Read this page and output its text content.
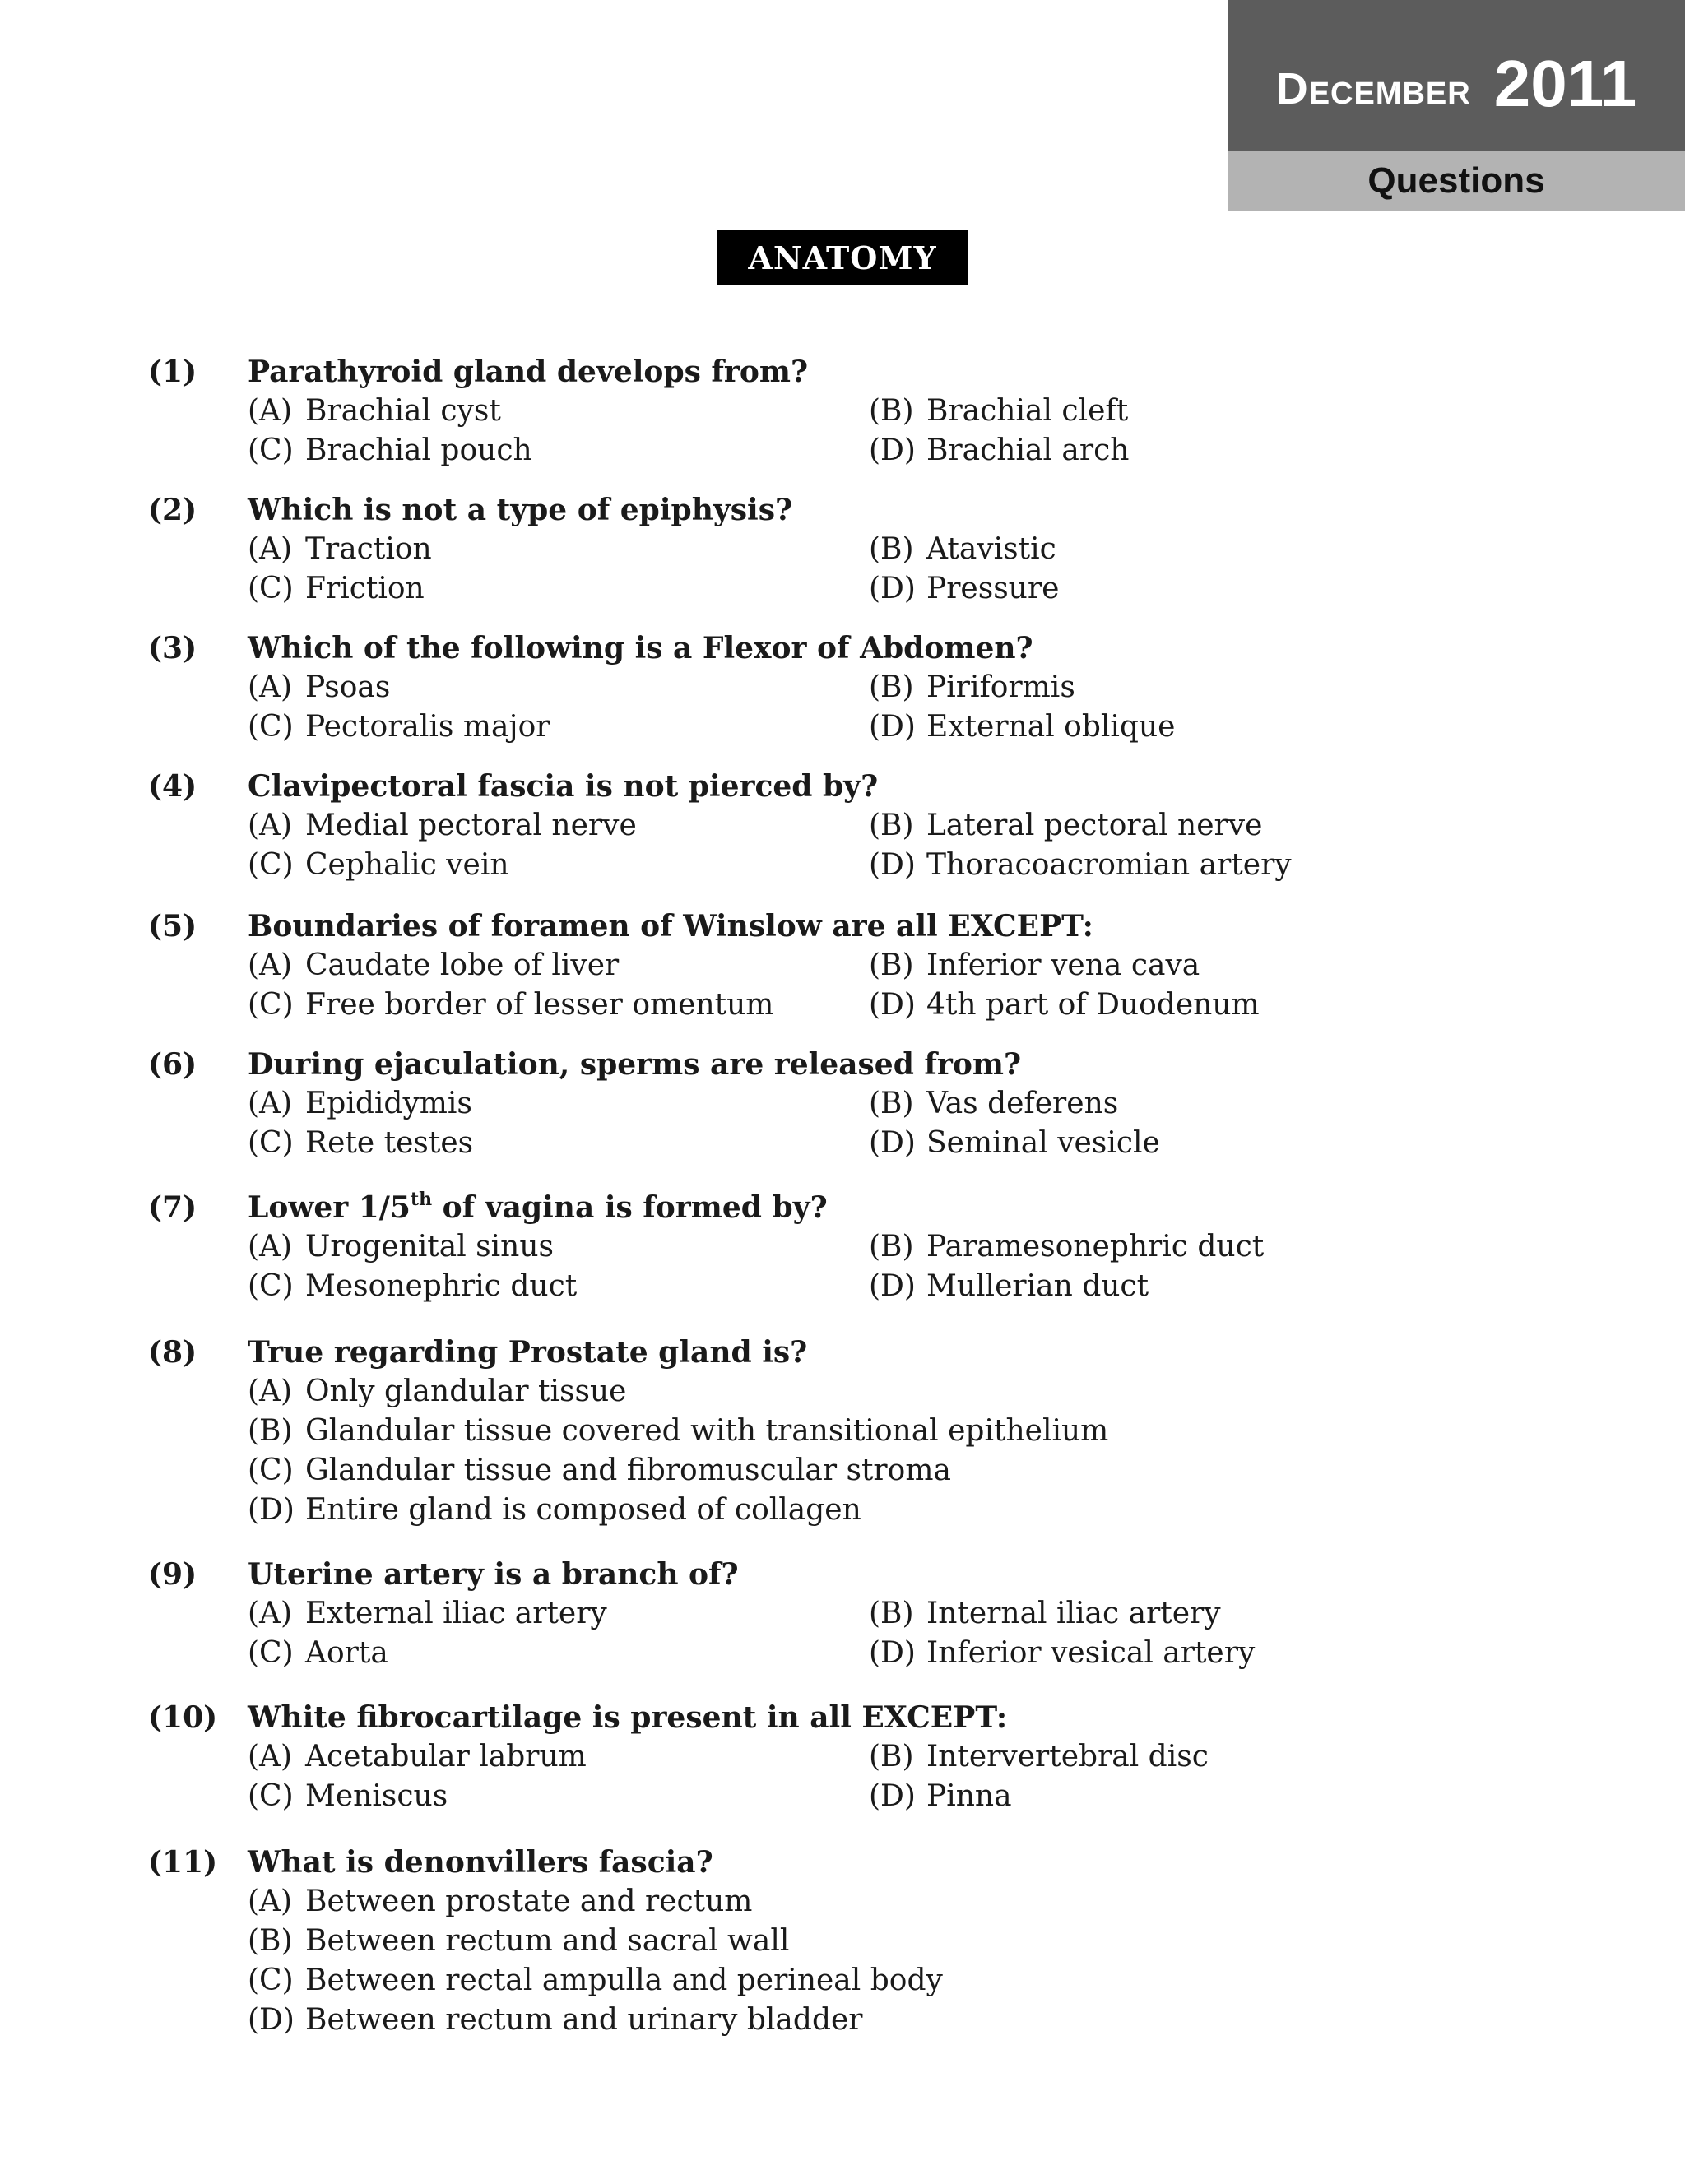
December 2011
Questions
ANATOMY
(1) Parathyroid gland develops from?
(A) Brachial cyst	(B) Brachial cleft
(C) Brachial pouch	(D) Brachial arch
(2) Which is not a type of epiphysis?
(A) Traction	(B) Atavistic
(C) Friction	(D) Pressure
(3) Which of the following is a Flexor of Abdomen?
(A) Psoas	(B) Piriformis
(C) Pectoralis major	(D) External oblique
(4) Clavipectoral fascia is not pierced by?
(A) Medial pectoral nerve	(B) Lateral pectoral nerve
(C) Cephalic vein	(D) Thoracoacromian artery
(5) Boundaries of foramen of Winslow are all EXCEPT:
(A) Caudate lobe of liver	(B) Inferior vena cava
(C) Free border of lesser omentum	(D) 4th part of Duodenum
(6) During ejaculation, sperms are released from?
(A) Epididymis	(B) Vas deferens
(C) Rete testes	(D) Seminal vesicle
(7) Lower 1/5th of vagina is formed by?
(A) Urogenital sinus	(B) Paramesonephric duct
(C) Mesonephric duct	(D) Mullerian duct
(8) True regarding Prostate gland is?
(A) Only glandular tissue
(B) Glandular tissue covered with transitional epithelium
(C) Glandular tissue and fibromuscular stroma
(D) Entire gland is composed of collagen
(9) Uterine artery is a branch of?
(A) External iliac artery	(B) Internal iliac artery
(C) Aorta	(D) Inferior vesical artery
(10) White fibrocartilage is present in all EXCEPT:
(A) Acetabular labrum	(B) Intervertebral disc
(C) Meniscus	(D) Pinna
(11) What is denonvillers fascia?
(A) Between prostate and rectum
(B) Between rectum and sacral wall
(C) Between rectal ampulla and perineal body
(D) Between rectum and urinary bladder
